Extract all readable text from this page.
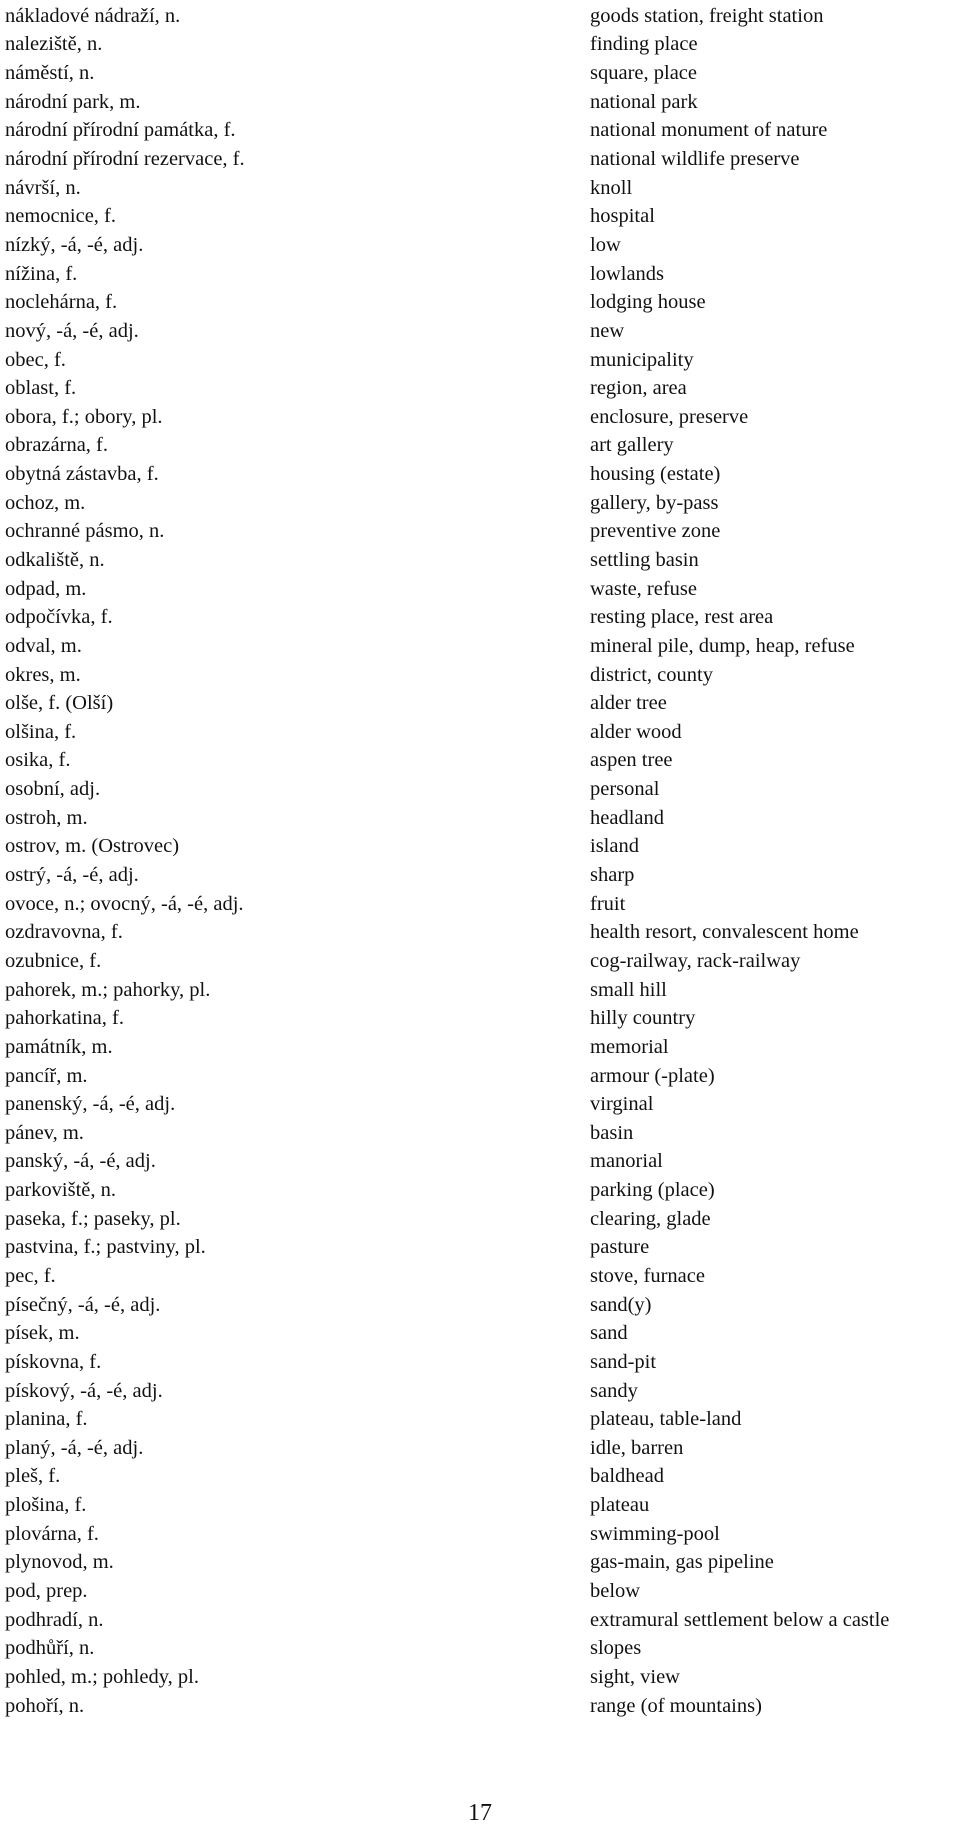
nákladové nádraží, n.	goods station, freight station
naleziště, n.	finding place
náměstí, n.	square, place
národní park, m.	national park
národní přírodní památka, f.	national monument of nature
národní přírodní rezervace, f.	national wildlife preserve
návrší, n.	knoll
nemocnice, f.	hospital
nízký, -á, -é, adj.	low
nížina, f.	lowlands
noclehárna, f.	lodging house
nový, -á, -é, adj.	new
obec, f.	municipality
oblast, f.	region, area
obora, f.; obory, pl.	enclosure, preserve
obrazárna, f.	art gallery
obytná zástavba, f.	housing (estate)
ochoz, m.	gallery, by-pass
ochranné pásmo, n.	preventive zone
odkaliště, n.	settling basin
odpad, m.	waste, refuse
odpočívka, f.	resting place, rest area
odval, m.	mineral pile, dump, heap, refuse
okres, m.	district, county
olše, f. (Olší)	alder tree
olšina, f.	alder wood
osika, f.	aspen tree
osobní, adj.	personal
ostroh, m.	headland
ostrov, m. (Ostrovec)	island
ostrý, -á, -é, adj.	sharp
ovoce, n.; ovocný, -á, -é, adj.	fruit
ozdravovna, f.	health resort, convalescent home
ozubnice, f.	cog-railway, rack-railway
pahorek, m.; pahorky, pl.	small hill
pahorkatina, f.	hilly country
památník, m.	memorial
pancíř, m.	armour (-plate)
panenský, -á, -é, adj.	virginal
pánev, m.	basin
panský, -á, -é, adj.	manorial
parkoviště, n.	parking (place)
paseka, f.; paseky, pl.	clearing, glade
pastvina, f.; pastviny, pl.	pasture
pec, f.	stove, furnace
písečný, -á, -é, adj.	sand(y)
písek, m.	sand
pískovna, f.	sand-pit
pískový, -á, -é, adj.	sandy
planina, f.	plateau, table-land
planý, -á, -é, adj.	idle, barren
pleš, f.	baldhead
plošina, f.	plateau
plovárna, f.	swimming-pool
plynovod, m.	gas-main, gas pipeline
pod, prep.	below
podhradí, n.	extramural settlement below a castle
podhůří, n.	slopes
pohled, m.; pohledy, pl.	sight, view
pohoří, n.	range (of mountains)
17
